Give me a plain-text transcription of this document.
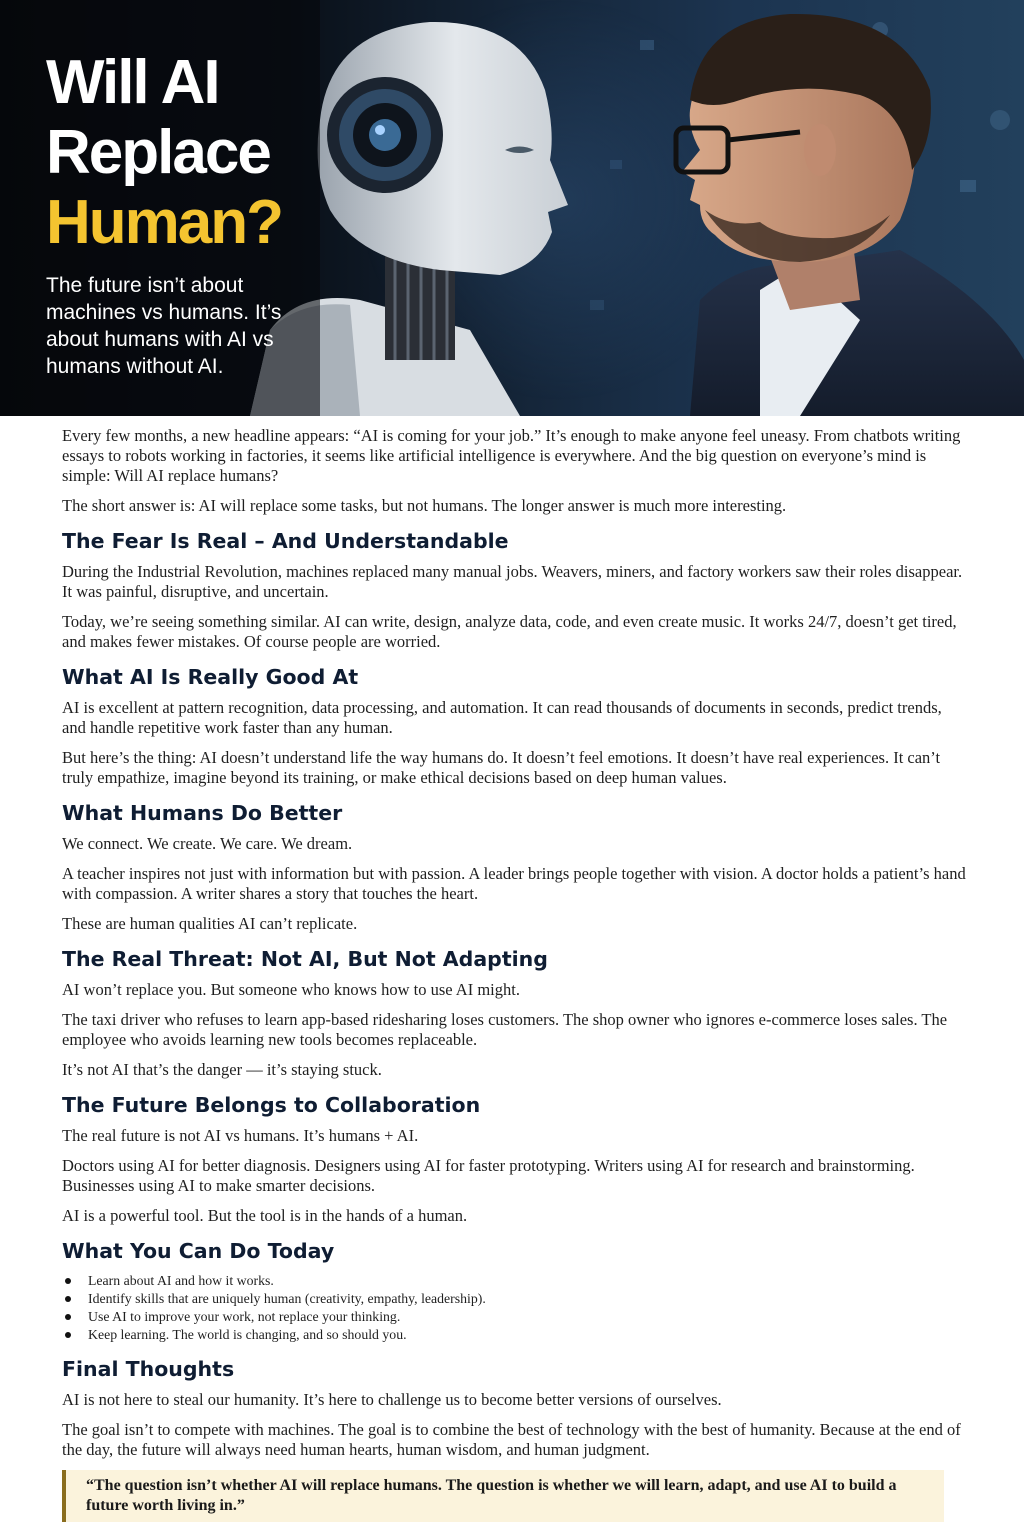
Will AI
Replace
Human?

The future isn’t about machines vs humans. It’s about humans with AI vs humans without AI.

Every few months, a new headline appears: “AI is coming for your job.” It’s enough to make anyone feel uneasy. From chatbots writing essays to robots working in factories, it seems like artificial intelligence is everywhere. And the big question on everyone’s mind is simple: Will AI replace humans?

The short answer is: AI will replace some tasks, but not humans. The longer answer is much more interesting.

The Fear Is Real – And Understandable

During the Industrial Revolution, machines replaced many manual jobs. Weavers, miners, and factory workers saw their roles disappear. It was painful, disruptive, and uncertain.

Today, we’re seeing something similar. AI can write, design, analyze data, code, and even create music. It works 24/7, doesn’t get tired, and makes fewer mistakes. Of course people are worried.

What AI Is Really Good At

AI is excellent at pattern recognition, data processing, and automation. It can read thousands of documents in seconds, predict trends, and handle repetitive work faster than any human.

But here’s the thing: AI doesn’t understand life the way humans do. It doesn’t feel emotions. It doesn’t have real experiences. It can’t truly empathize, imagine beyond its training, or make ethical decisions based on deep human values.

What Humans Do Better

We connect. We create. We care. We dream.

A teacher inspires not just with information but with passion. A leader brings people together with vision. A doctor holds a patient’s hand with compassion. A writer shares a story that touches the heart.

These are human qualities AI can’t replicate.

The Real Threat: Not AI, But Not Adapting

AI won’t replace you. But someone who knows how to use AI might.

The taxi driver who refuses to learn app-based ridesharing loses customers. The shop owner who ignores e-commerce loses sales. The employee who avoids learning new tools becomes replaceable.

It’s not AI that’s the danger — it’s staying stuck.

The Future Belongs to Collaboration

The real future is not AI vs humans. It’s humans + AI.

Doctors using AI for better diagnosis. Designers using AI for faster prototyping. Writers using AI for research and brainstorming. Businesses using AI to make smarter decisions.

AI is a powerful tool. But the tool is in the hands of a human.

What You Can Do Today
Learn about AI and how it works.
Identify skills that are uniquely human (creativity, empathy, leadership).
Use AI to improve your work, not replace your thinking.
Keep learning. The world is changing, and so should you.
Final Thoughts

AI is not here to steal our humanity. It’s here to challenge us to become better versions of ourselves.

The goal isn’t to compete with machines. The goal is to combine the best of technology with the best of humanity. Because at the end of the day, the future will always need human hearts, human wisdom, and human judgment.

“The question isn’t whether AI will replace humans. The question is whether we will learn, adapt, and use AI to build a future worth living in.”
